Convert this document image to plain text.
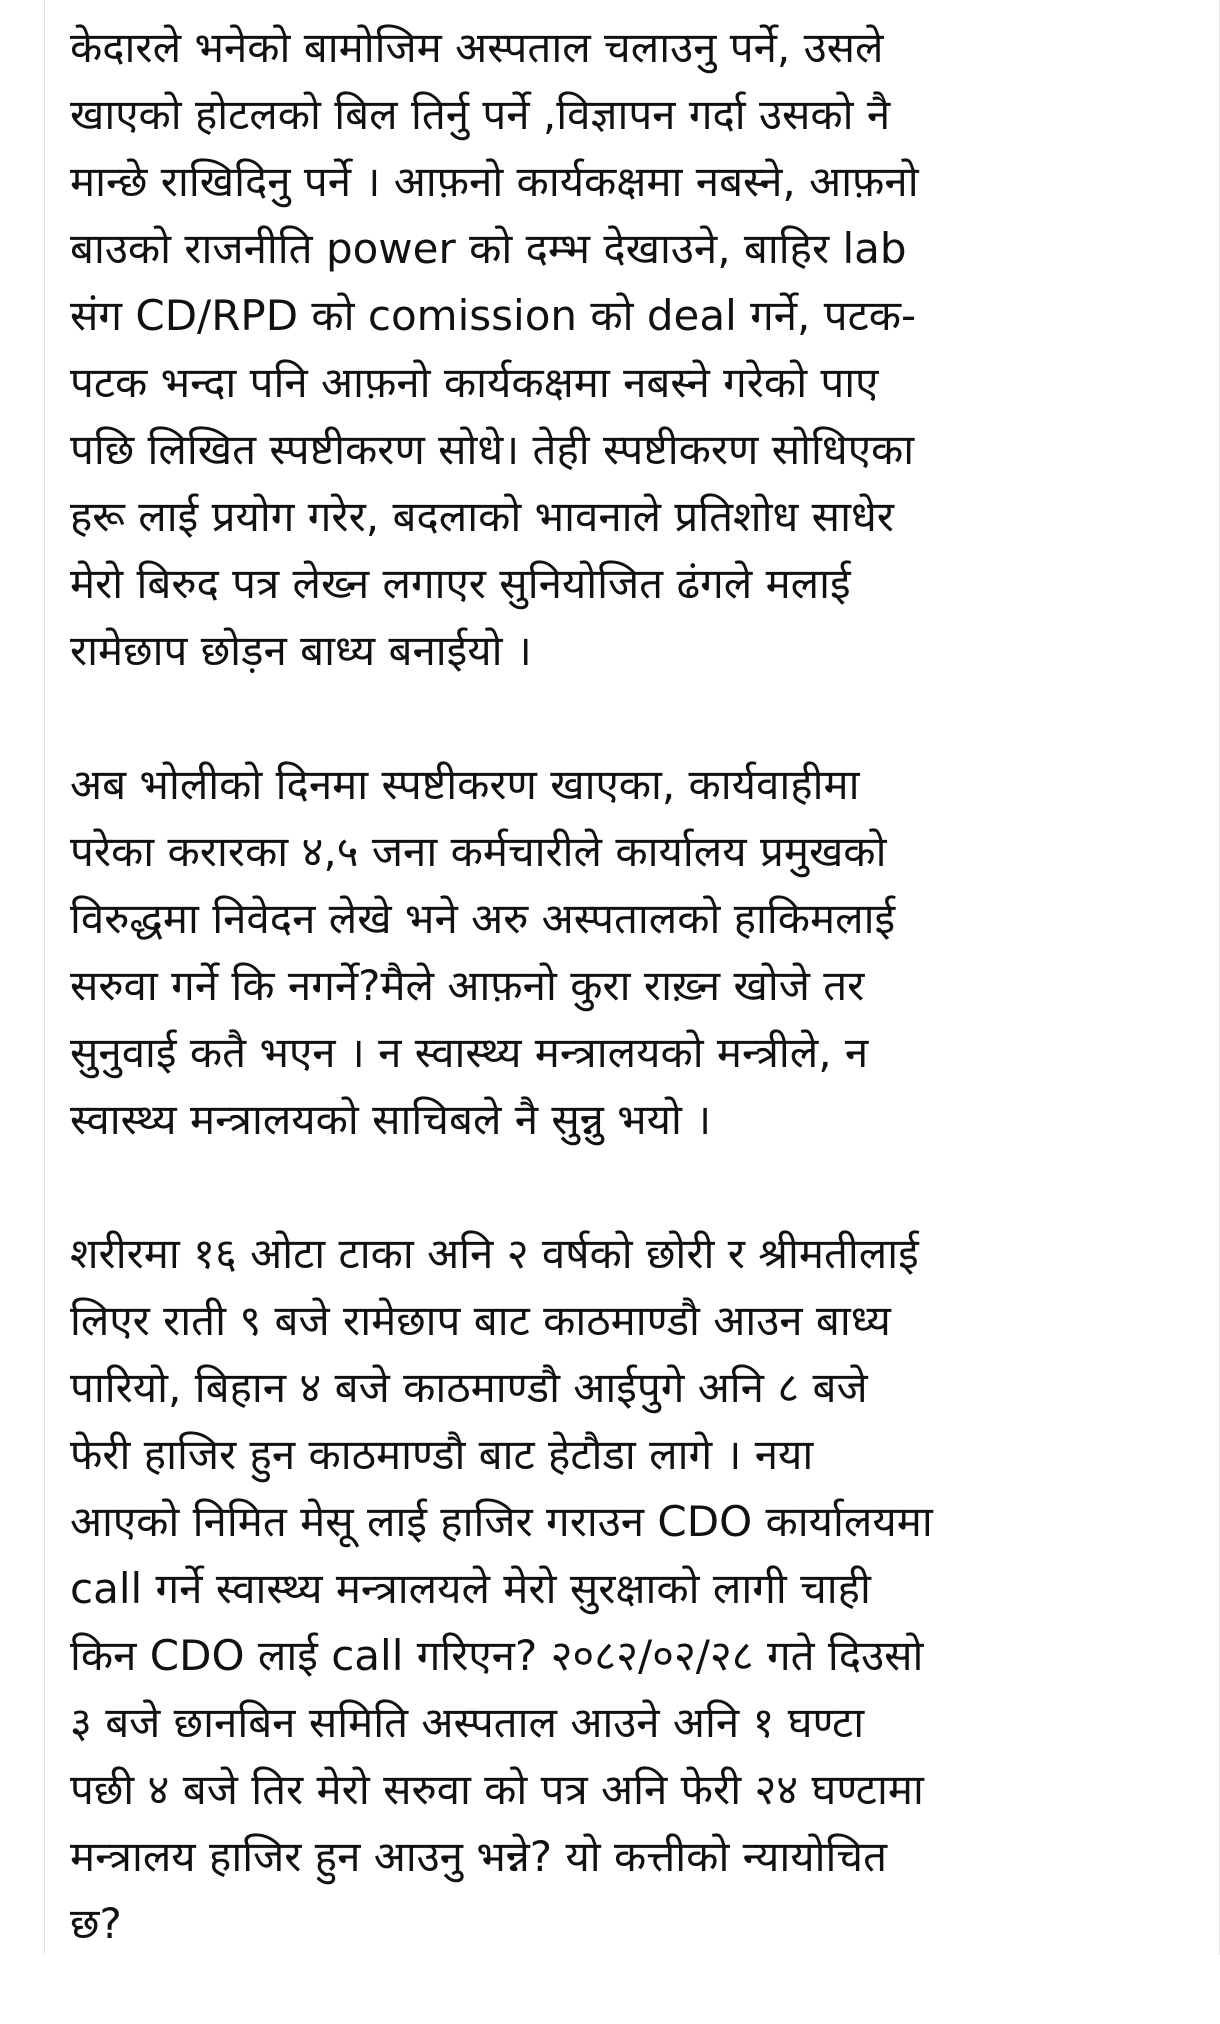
केदारले भनेको बामोजिम अस्पताल चलाउनु पर्ने, उसले
खाएको होटलको बिल तिर्नु पर्ने ,विज्ञापन गर्दा उसको नै
मान्छे राखिदिनु पर्ने । आफ़नो कार्यकक्षमा नबस्ने, आफ़नो
बाउको राजनीति power को दम्भ देखाउने, बाहिर lab
संग CD/RPD को comission को deal गर्ने, पटक-
पटक भन्दा पनि आफ़नो कार्यकक्षमा नबस्ने गरेको पाए
पछि लिखित स्पष्टीकरण सोधे। तेही स्पष्टीकरण सोधिएका
हरू लाई प्रयोग गरेर, बदलाको भावनाले प्रतिशोध साधेर
मेरो बिरुद पत्र लेख्न लगाएर सुनियोजित ढंगले मलाई
रामेछाप छोड़न बाध्य बनाईयो ।
अब भोलीको दिनमा स्पष्टीकरण खाएका, कार्यवाहीमा
परेका करारका ४,५ जना कर्मचारीले कार्यालय प्रमुखको
विरुद्धमा निवेदन लेखे भने अरु अस्पतालको हाकिमलाई
सरुवा गर्ने कि नगर्ने?मैले आफ़नो कुरा राख़्न खोजे तर
सुनुवाई कतै भएन । न स्वास्थ्य मन्त्रालयको मन्त्रीले, न
स्वास्थ्य मन्त्रालयको साचिबले नै सुन्नु भयो ।
शरीरमा १६ ओटा टाका अनि २ वर्षको छोरी र श्रीमतीलाई
लिएर राती ९ बजे रामेछाप बाट काठमाण्डौ आउन बाध्य
पारियो, बिहान ४ बजे काठमाण्डौ आईपुगे अनि ८ बजे
फेरी हाजिर हुन काठमाण्डौ बाट हेटौडा लागे । नया
आएको निमित मेसू लाई हाजिर गराउन CDO कार्यालयमा
call गर्ने स्वास्थ्य मन्त्रालयले मेरो सुरक्षाको लागी चाही
किन CDO लाई call गरिएन? २०८२/०२/२८ गते दिउसो
३ बजे छानबिन समिति अस्पताल आउने अनि १ घण्टा
पछी ४ बजे तिर मेरो सरुवा को पत्र अनि फेरी २४ घण्टामा
मन्त्रालय हाजिर हुन आउनु भन्ने? यो कत्तीको न्यायोचित
छ?
